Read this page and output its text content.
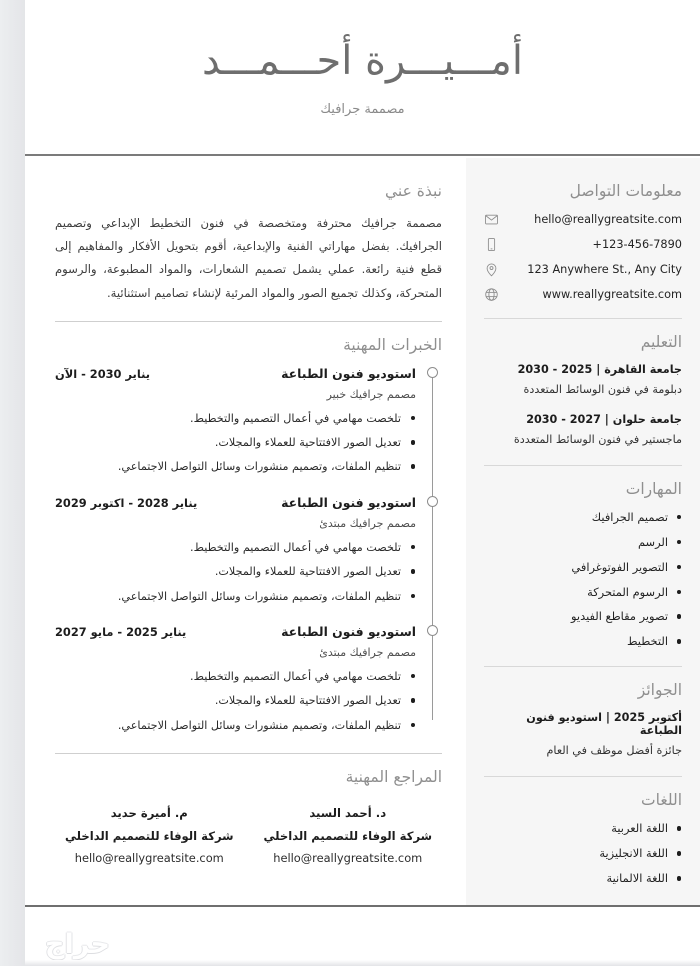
أمـــيـــرة أحـــمـــد
مصممة جرافيك
معلومات التواصل
hello@reallygreatsite.com
+123-456-7890
123 Anywhere St., Any City
www.reallygreatsite.com
التعليم
جامعة القاهرة | 2025 - 2030
دبلومة في فنون الوسائط المتعددة
جامعة حلوان | 2027 - 2030
ماجستير في فنون الوسائط المتعددة
المهارات
تصميم الجرافيك
الرسم
التصوير الفوتوغرافي
الرسوم المتحركة
تصوير مقاطع الفيديو
التخطيط
الجوائز
أكتوبر 2025 | استوديو فنون الطباعة
جائزة أفضل موظف في العام
اللغات
اللغة العربية
اللغة الانجليزية
اللغة الالمانية
نبذة عني

مصممة جرافيك محترفة ومتخصصة في فنون التخطيط الإبداعي وتصميم الجرافيك. بفضل مهاراتي الفنية والإبداعية، أقوم بتحويل الأفكار والمفاهيم إلى قطع فنية رائعة. عملي يشمل تصميم الشعارات، والمواد المطبوعة، والرسوم المتحركة، وكذلك تجميع الصور والمواد المرئية لإنشاء تصاميم استثنائية.

الخبرات المهنية
استوديو فنون الطباعة
يناير 2030 - الآن
مصمم جرافيك خبير
تلخصت مهامي في أعمال التصميم والتخطيط.
تعديل الصور الافتتاحية للعملاء والمجلات.
تنظيم الملفات، وتصميم منشورات وسائل التواصل الاجتماعي.
استوديو فنون الطباعة
يناير 2028 - اكتوبر 2029
مصمم جرافيك مبتدئ
تلخصت مهامي في أعمال التصميم والتخطيط.
تعديل الصور الافتتاحية للعملاء والمجلات.
تنظيم الملفات، وتصميم منشورات وسائل التواصل الاجتماعي.
استوديو فنون الطباعة
يناير 2025 - مايو 2027
مصمم جرافيك مبتدئ
تلخصت مهامي في أعمال التصميم والتخطيط.
تعديل الصور الافتتاحية للعملاء والمجلات.
تنظيم الملفات، وتصميم منشورات وسائل التواصل الاجتماعي.
المراجع المهنية
د. أحمد السيد
شركة الوفاء للتصميم الداخلي
hello@reallygreatsite.com
م. أميرة حديد
شركة الوفاء للتصميم الداخلي
hello@reallygreatsite.com
حراج
